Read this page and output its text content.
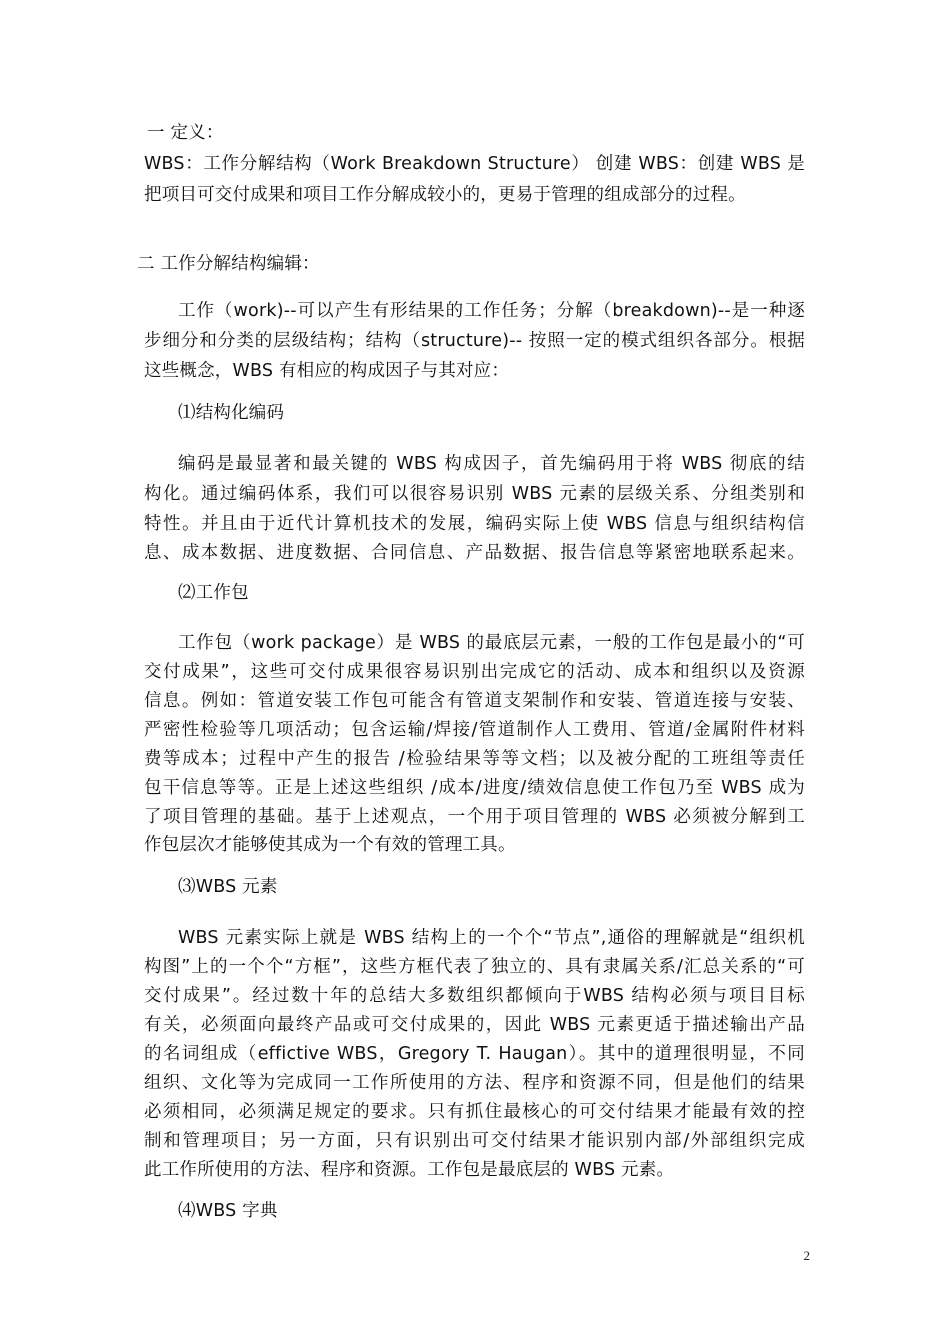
一 定义：
WBS：工作分解结构（Work Breakdown Structure） 创建 WBS：创建 WBS 是
把项目可交付成果和项目工作分解成较小的，更易于管理的组成部分的过程。
二 工作分解结构编辑：
工作（work)--可以产生有形结果的工作任务；分解（breakdown)--是一种逐
步细分和分类的层级结构；结构（structure)-- 按照一定的模式组织各部分。根据
这些概念，WBS 有相应的构成因子与其对应：
⑴结构化编码
编码是最显著和最关键的 WBS 构成因子，首先编码用于将 WBS 彻底的结
构化。通过编码体系，我们可以很容易识别 WBS 元素的层级关系、分组类别和
特性。并且由于近代计算机技术的发展，编码实际上使 WBS 信息与组织结构信
息、成本数据、进度数据、合同信息、产品数据、报告信息等紧密地联系起来。
⑵工作包
工作包（work package）是 WBS 的最底层元素，一般的工作包是最小的“可
交付成果”，这些可交付成果很容易识别出完成它的活动、成本和组织以及资源
信息。例如：管道安装工作包可能含有管道支架制作和安装、管道连接与安装、
严密性检验等几项活动；包含运输/焊接/管道制作人工费用、管道/金属附件材料
费等成本；过程中产生的报告 /检验结果等等文档；以及被分配的工班组等责任
包干信息等等。正是上述这些组织 /成本/进度/绩效信息使工作包乃至 WBS 成为
了项目管理的基础。基于上述观点，一个用于项目管理的 WBS 必须被分解到工
作包层次才能够使其成为一个有效的管理工具。
⑶WBS 元素
WBS 元素实际上就是 WBS 结构上的一个个“节点”,通俗的理解就是“组织机
构图”上的一个个“方框”，这些方框代表了独立的、具有隶属关系/汇总关系的“可
交付成果”。经过数十年的总结大多数组织都倾向于WBS 结构必须与项目目标
有关，必须面向最终产品或可交付成果的，因此 WBS 元素更适于描述输出产品
的名词组成（effictive WBS，Gregory T. Haugan）。其中的道理很明显，不同
组织、文化等为完成同一工作所使用的方法、程序和资源不同，但是他们的结果
必须相同，必须满足规定的要求。只有抓住最核心的可交付结果才能最有效的控
制和管理项目；另一方面，只有识别出可交付结果才能识别内部/外部组织完成
此工作所使用的方法、程序和资源。工作包是最底层的 WBS 元素。
⑷WBS 字典
2
